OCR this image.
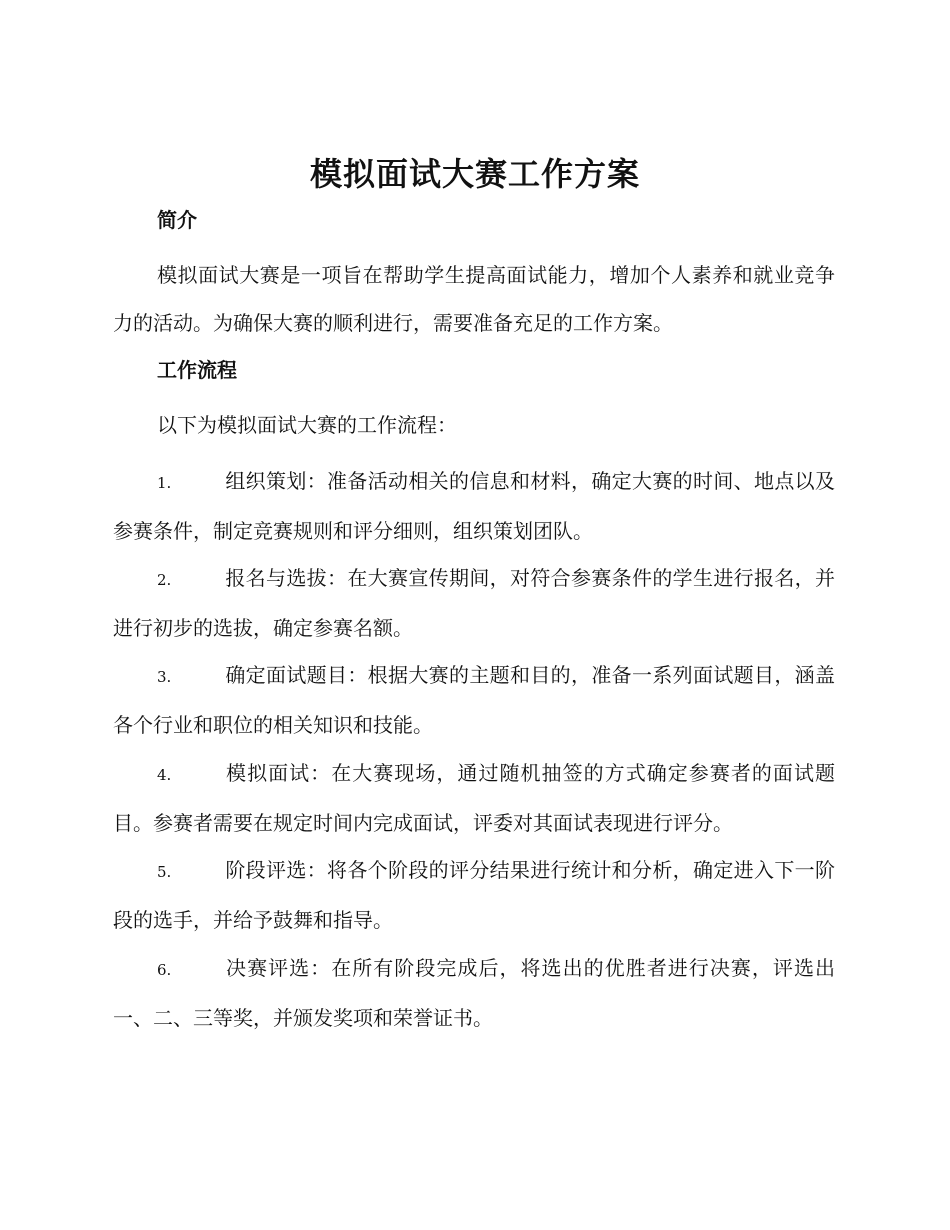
模拟面试大赛工作方案
简介

模拟面试大赛是一项旨在帮助学生提高面试能力，增加个人素养和就业竞争力的活动。为确保大赛的顺利进行，需要准备充足的工作方案。

工作流程

以下为模拟面试大赛的工作流程：

1.	组织策划：准备活动相关的信息和材料，确定大赛的时间、地点以及参赛条件，制定竞赛规则和评分细则，组织策划团队。

2.	报名与选拔：在大赛宣传期间，对符合参赛条件的学生进行报名，并进行初步的选拔，确定参赛名额。

3.	确定面试题目：根据大赛的主题和目的，准备一系列面试题目，涵盖各个行业和职位的相关知识和技能。

4.	模拟面试：在大赛现场，通过随机抽签的方式确定参赛者的面试题目。参赛者需要在规定时间内完成面试，评委对其面试表现进行评分。

5.	阶段评选：将各个阶段的评分结果进行统计和分析，确定进入下一阶段的选手，并给予鼓舞和指导。

6.	决赛评选：在所有阶段完成后，将选出的优胜者进行决赛，评选出一、二、三等奖，并颁发奖项和荣誉证书。
